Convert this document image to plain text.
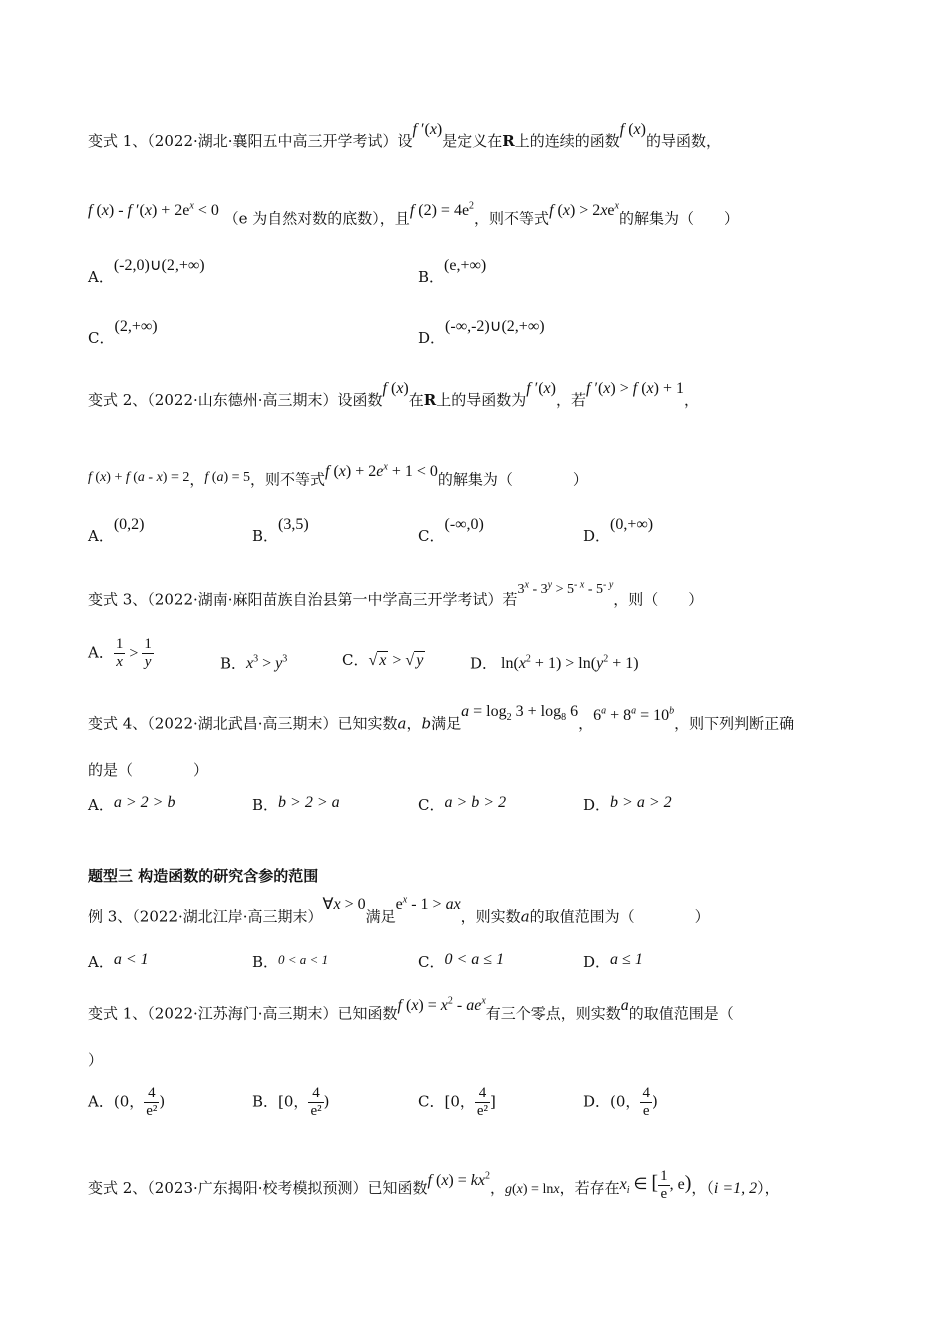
变式 1、（2022·湖北·襄阳五中高三开学考试）设f ′(x)是定义在R上的连续的函数f (x)的导函数，
f (x) - f $'(x) + 2e^x < 0$ （e 为自然对数的底数），且f $(2) = 4e^2$，则不等式f $(x) > 2xe^x$的解集为（　　）
A．(-2,0)∪(2,+∞)
B．(e,+∞)
C．(2,+∞)
D．(-∞,-2)∪(2,+∞)
变式 2、（2022·山东德州·高三期末）设函数f (x)在R上的导函数为f ′(x)，若f ′(x) > f (x) + 1，
f (x) + f (a - x) = 2，f (a) = 5，则不等式f $(x) + 2e^x + 1 < 0$的解集为（　　　　）
A．(0,2)
B．(3,5)
C．(-∞,0)
D．(0,+∞)
变式 3、（2022·湖南·麻阳苗族自治县第一中学高三开学考试）若$3^x - 3^y > 5^{- x} - 5^{- y}$，则（　　）
A． $\frac{1}{x} > \frac{1}{y}$	B．$x^3 > y^3$	C．√ x > √ y	D． $\ln(x^2 + 1) > \ln(y^2 + 1)$
变式 4、（2022·湖北武昌·高三期末）已知实数a，b满足$a = \log_2 3 + \log_8 6$，$6^a + 8^a = 10^b$，则下列判断正确
的是（　　　　）
A．a > 2 > b	B．b > 2 > a	C．a > b > 2	D．b > a > 2
题型三 构造函数的研究含参的范围
例 3、（2022·湖北江岸·高三期末）∀x > 0满足$e^x - 1$ > ax，则实数a的取值范围为（　　　　）
A．a < 1	B．0 < a < 1	C．0 < a ≤ 1	D．a ≤ 1
变式 1、（2022·江苏海门·高三期末）已知函数f $(x) = x^2 - ae^x$有三个零点，则实数a的取值范围是（
）
A．(0， $\frac{4}{\text{e²}}$ )	B．[0， $\frac{4}{\text{e²}}$ )	C．[0， $\frac{4}{\text{e²}}$ ]	D．(0， $\frac{4}{e}$ )
变式 2、（2023·广东揭阳·校考模拟预测）已知函数f $(x) = kx^2$，g(x) = lnx，若存在$x_i$ ∈ [ $\frac{1}{e}$ , e)，（i =1, 2），
